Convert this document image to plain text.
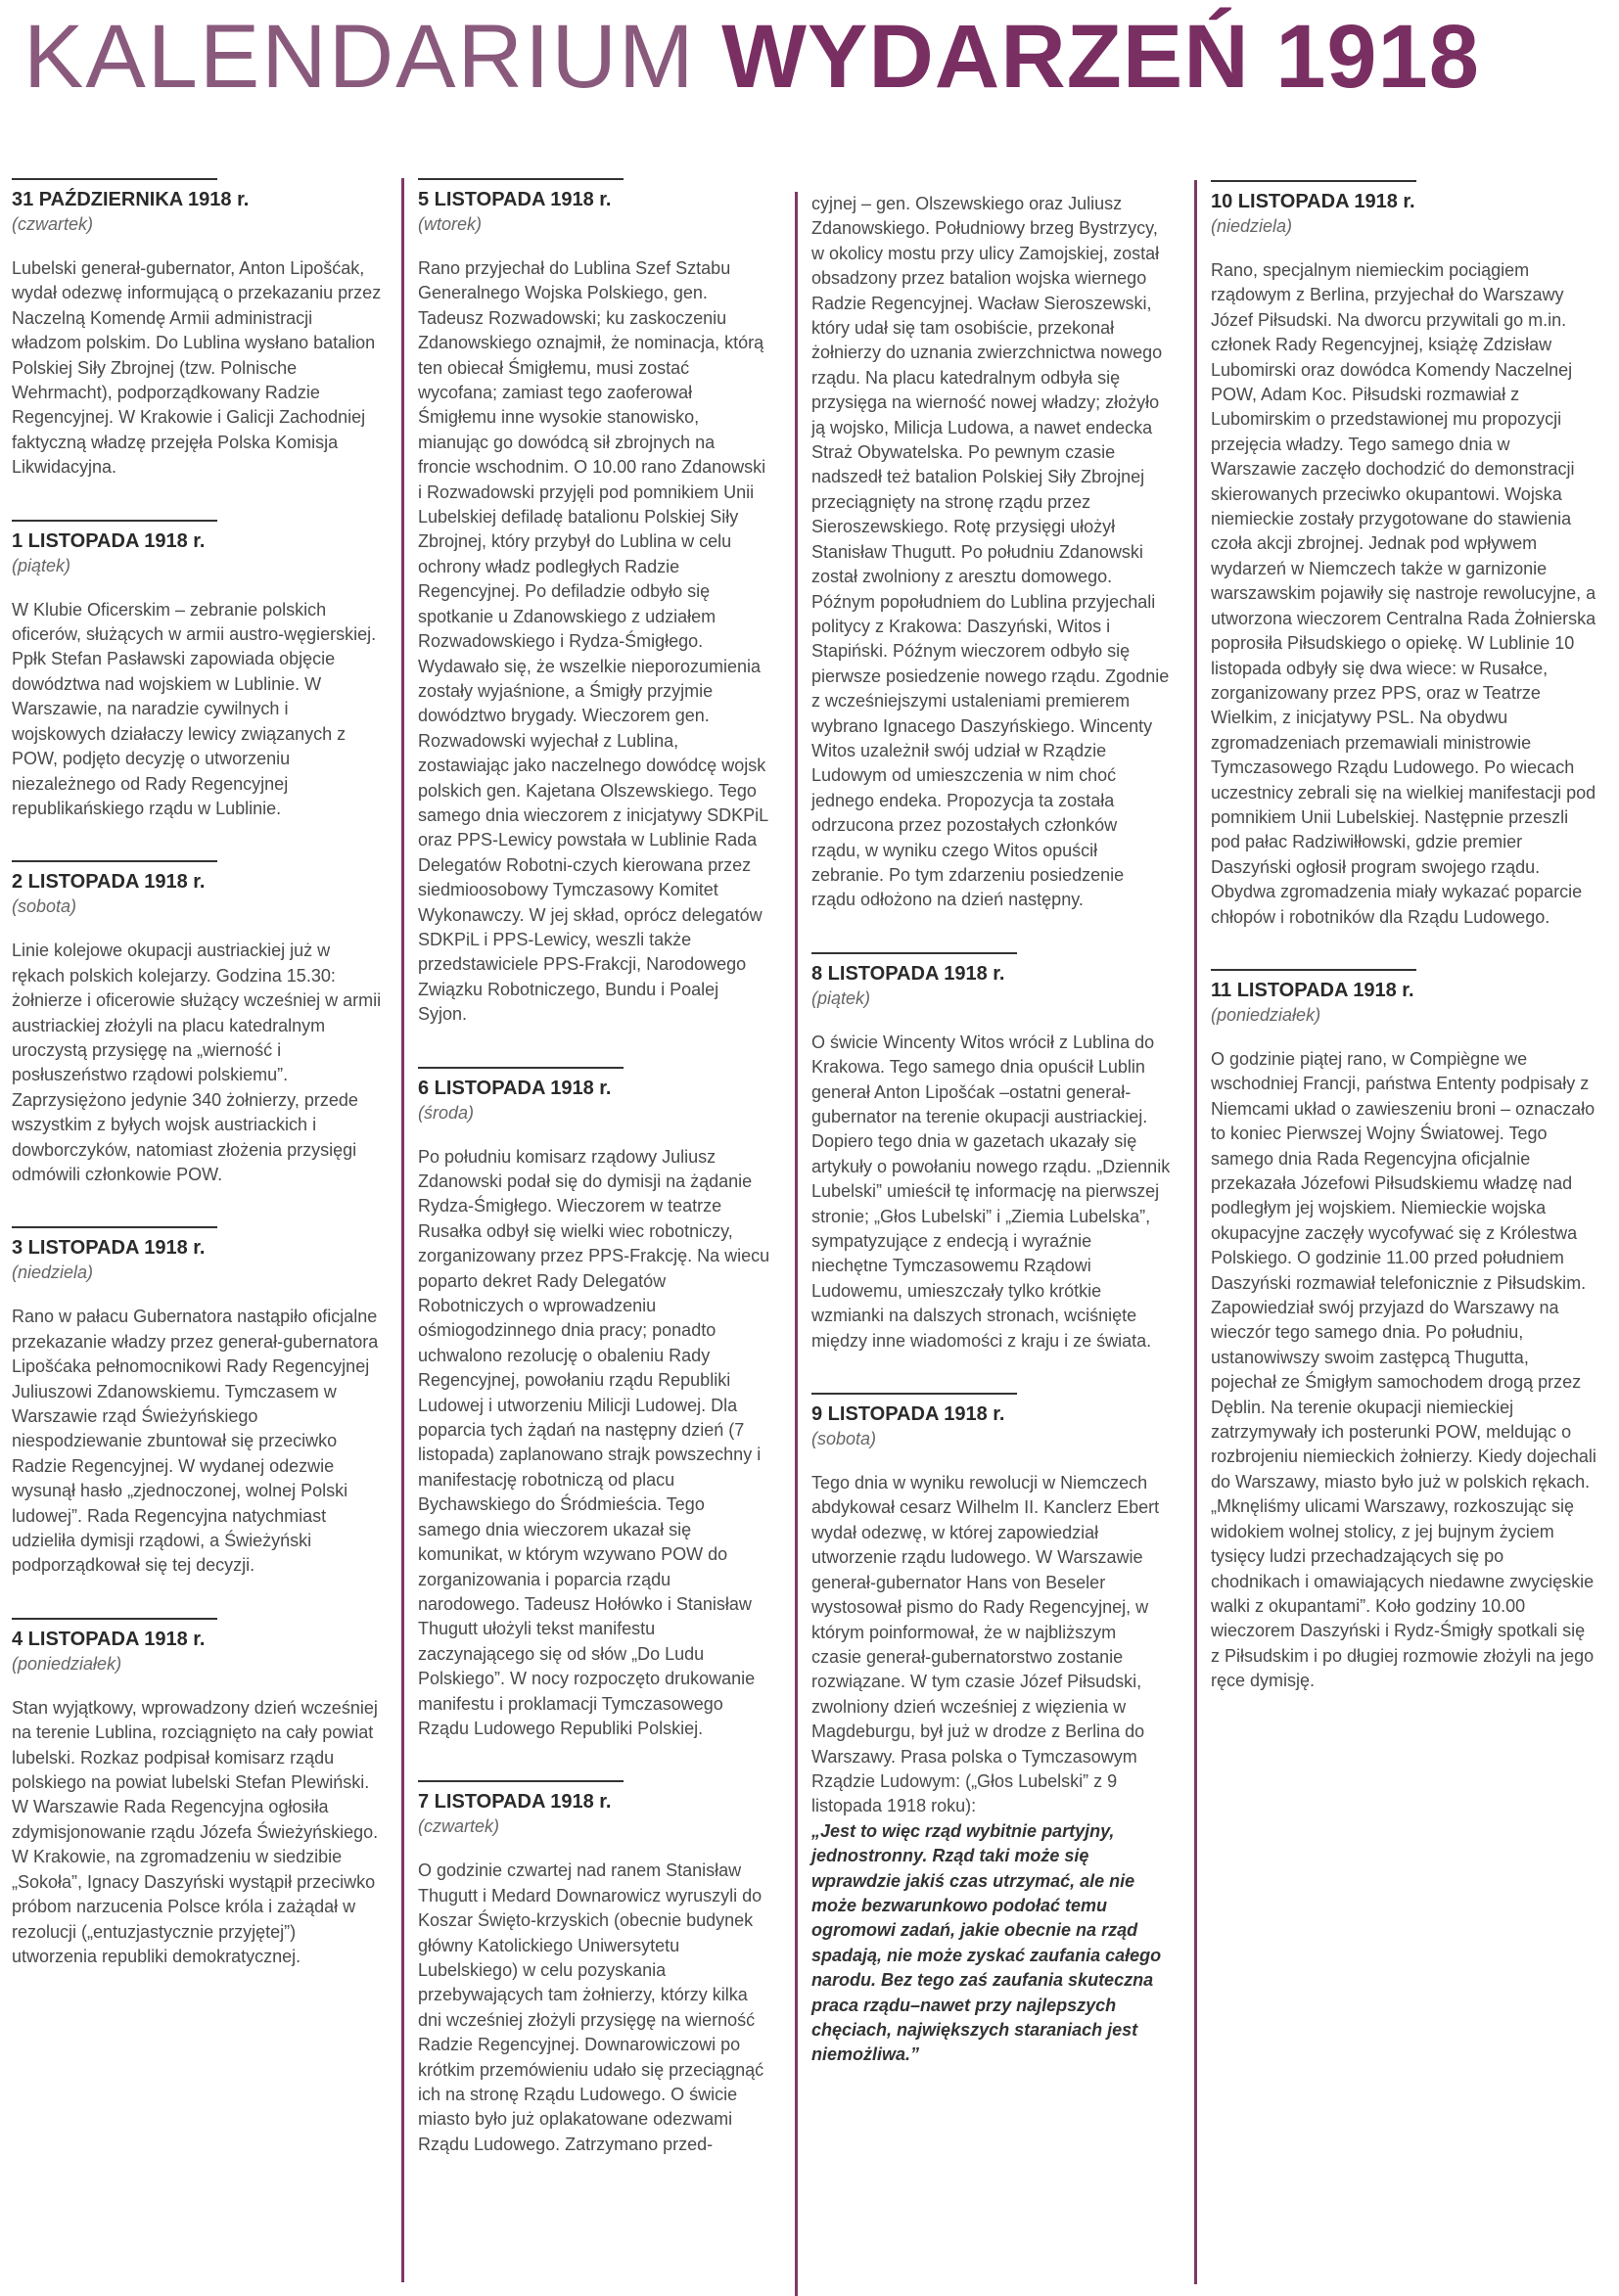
KALENDARIUM WYDARZEŃ 1918

31 PAŹDZIERNIKA 1918 r.

(czwartek)

Lubelski generał-gubernator, Anton Lipošćak, wydał odezwę informującą o przekazaniu przez Naczelną Komendę Armii administracji władzom polskim. Do Lublina wysłano batalion Polskiej Siły Zbrojnej (tzw. Polnische Wehrmacht), podporządkowany Radzie Regencyjnej. W Krakowie i Galicji Zachodniej faktyczną władzę przejęła Polska Komisja Likwidacyjna.

1 LISTOPADA 1918 r.

(piątek)

W Klubie Oficerskim – zebranie polskich oficerów, służących w armii austro-węgierskiej. Ppłk Stefan Pasławski zapowiada objęcie dowództwa nad wojskiem w Lublinie. W Warszawie, na naradzie cywilnych i wojskowych działaczy lewicy związanych z POW, podjęto decyzję o utworzeniu niezależnego od Rady Regencyjnej republikańskiego rządu w Lublinie.

2 LISTOPADA 1918 r.

(sobota)

Linie kolejowe okupacji austriackiej już w rękach polskich kolejarzy. Godzina 15.30: żołnierze i oficerowie służący wcześniej w armii austriackiej złożyli na placu katedralnym uroczystą przysięgę na „wierność i posłuszeństwo rządowi polskiemu”. Zaprzysiężono jedynie 340 żołnierzy, przede wszystkim z byłych wojsk austriackich i dowborczyków, natomiast złożenia przysięgi odmówili członkowie POW.

3 LISTOPADA 1918 r.

(niedziela)

Rano w pałacu Gubernatora nastąpiło oficjalne przekazanie władzy przez generał-gubernatora Lipošćaka pełnomocnikowi Rady Regencyjnej Juliuszowi Zdanowskiemu. Tymczasem w Warszawie rząd Świeżyńskiego niespodziewanie zbuntował się przeciwko Radzie Regencyjnej. W wydanej odezwie wysunął hasło „zjednoczonej, wolnej Polski ludowej”. Rada Regencyjna natychmiast udzieliła dymisji rządowi, a Świeżyński podporządkował się tej decyzji.

4 LISTOPADA 1918 r.

(poniedziałek)

Stan wyjątkowy, wprowadzony dzień wcześniej na terenie Lublina, rozciągnięto na cały powiat lubelski. Rozkaz podpisał komisarz rządu polskiego na powiat lubelski Stefan Plewiński. W Warszawie Rada Regencyjna ogłosiła zdymisjonowanie rządu Józefa Świeżyńskiego. W Krakowie, na zgromadzeniu w siedzibie „Sokoła”, Ignacy Daszyński wystąpił przeciwko próbom narzucenia Polsce króla i zażądał w rezolucji („entuzjastycznie przyjętej”) utworzenia republiki demokratycznej.

5 LISTOPADA 1918 r.

(wtorek)

Rano przyjechał do Lublina Szef Sztabu Generalnego Wojska Polskiego, gen. Tadeusz Rozwadowski; ku zaskoczeniu Zdanowskiego oznajmił, że nominacja, którą ten obiecał Śmigłemu, musi zostać wycofana; zamiast tego zaoferował Śmigłemu inne wysokie stanowisko, mianując go dowódcą sił zbrojnych na froncie wschodnim. O 10.00 rano Zdanowski i Rozwadowski przyjęli pod pomnikiem Unii Lubelskiej defiladę batalionu Polskiej Siły Zbrojnej, który przybył do Lublina w celu ochrony władz podległych Radzie Regencyjnej. Po defiladzie odbyło się spotkanie u Zdanowskiego z udziałem Rozwadowskiego i Rydza-Śmigłego. Wydawało się, że wszelkie nieporozumienia zostały wyjaśnione, a Śmigły przyjmie dowództwo brygady. Wieczorem gen. Rozwadowski wyjechał z Lublina, zostawiając jako naczelnego dowódcę wojsk polskich gen. Kajetana Olszewskiego. Tego samego dnia wieczorem z inicjatywy SDKPiL oraz PPS-Lewicy powstała w Lublinie Rada Delegatów Robotni-czych kierowana przez siedmioosobowy Tymczasowy Komitet Wykonawczy. W jej skład, oprócz delegatów SDKPiL i PPS-Lewicy, weszli także przedstawiciele PPS-Frakcji, Narodowego Związku Robotniczego, Bundu i Poalej Syjon.

6 LISTOPADA 1918 r.

(środa)

Po południu komisarz rządowy Juliusz Zdanowski podał się do dymisji na żądanie Rydza-Śmigłego. Wieczorem w teatrze Rusałka odbył się wielki wiec robotniczy, zorganizowany przez PPS-Frakcję. Na wiecu poparto dekret Rady Delegatów Robotniczych o wprowadzeniu ośmiogodzinnego dnia pracy; ponadto uchwalono rezolucję o obaleniu Rady Regencyjnej, powołaniu rządu Republiki Ludowej i utworzeniu Milicji Ludowej. Dla poparcia tych żądań na następny dzień (7 listopada) zaplanowano strajk powszechny i manifestację robotniczą od placu Bychawskiego do Śródmieścia. Tego samego dnia wieczorem ukazał się komunikat, w którym wzywano POW do zorganizowania i poparcia rządu narodowego. Tadeusz Hołówko i Stanisław Thugutt ułożyli tekst manifestu zaczynającego się od słów „Do Ludu Polskiego”. W nocy rozpoczęto drukowanie manifestu i proklamacji Tymczasowego Rządu Ludowego Republiki Polskiej.

7 LISTOPADA 1918 r.

(czwartek)

O godzinie czwartej nad ranem Stanisław Thugutt i Medard Downarowicz wyruszyli do Koszar Święto-krzyskich (obecnie budynek główny Katolickiego Uniwersytetu Lubelskiego) w celu pozyskania przebywających tam żołnierzy, którzy kilka dni wcześniej złożyli przysięgę na wierność Radzie Regencyjnej. Downarowiczowi po krótkim przemówieniu udało się przeciągnąć ich na stronę Rządu Ludowego. O świcie miasto było już oplakatowane odezwami Rządu Ludowego. Zatrzymano przed-

cyjnej – gen. Olszewskiego oraz Juliusz Zdanowskiego. Południowy brzeg Bystrzycy, w okolicy mostu przy ulicy Zamojskiej, został obsadzony przez batalion wojska wiernego Radzie Regencyjnej. Wacław Sieroszewski, który udał się tam osobiście, przekonał żołnierzy do uznania zwierzchnictwa nowego rządu. Na placu katedralnym odbyła się przysięga na wierność nowej władzy; złożyło ją wojsko, Milicja Ludowa, a nawet endecka Straż Obywatelska. Po pewnym czasie nadszedł też batalion Polskiej Siły Zbrojnej przeciągnięty na stronę rządu przez Sieroszewskiego. Rotę przysięgi ułożył Stanisław Thugutt. Po południu Zdanowski został zwolniony z aresztu domowego. Późnym popołudniem do Lublina przyjechali politycy z Krakowa: Daszyński, Witos i Stapiński. Późnym wieczorem odbyło się pierwsze posiedzenie nowego rządu. Zgodnie z wcześniejszymi ustaleniami premierem wybrano Ignacego Daszyńskiego. Wincenty Witos uzależnił swój udział w Rządzie Ludowym od umieszczenia w nim choć jednego endeka. Propozycja ta została odrzucona przez pozostałych członków rządu, w wyniku czego Witos opuścił zebranie. Po tym zdarzeniu posiedzenie rządu odłożono na dzień następny.

8 LISTOPADA 1918 r.

(piątek)

O świcie Wincenty Witos wrócił z Lublina do Krakowa. Tego samego dnia opuścił Lublin generał Anton Lipošćak –ostatni generał-gubernator na terenie okupacji austriackiej. Dopiero tego dnia w gazetach ukazały się artykuły o powołaniu nowego rządu. „Dziennik Lubelski” umieścił tę informację na pierwszej stronie; „Głos Lubelski” i „Ziemia Lubelska”, sympatyzujące z endecją i wyraźnie niechętne Tymczasowemu Rządowi Ludowemu, umieszczały tylko krótkie wzmianki na dalszych stronach, wciśnięte między inne wiadomości z kraju i ze świata.

9 LISTOPADA 1918 r.

(sobota)

Tego dnia w wyniku rewolucji w Niemczech abdykował cesarz Wilhelm II. Kanclerz Ebert wydał odezwę, w której zapowiedział utworzenie rządu ludowego. W Warszawie generał-gubernator Hans von Beseler wystosował pismo do Rady Regencyjnej, w którym poinformował, że w najbliższym czasie generał-gubernatorstwo zostanie rozwiązane. W tym czasie Józef Piłsudski, zwolniony dzień wcześniej z więzienia w Magdeburgu, był już w drodze z Berlina do Warszawy. Prasa polska o Tymczasowym Rządzie Ludowym: („Głos Lubelski” z 9 listopada 1918 roku):

„Jest to więc rząd wybitnie partyjny, jednostronny. Rząd taki może się wprawdzie jakiś czas utrzymać, ale nie może bezwarunkowo podołać temu ogromowi zadań, jakie obecnie na rząd spadają, nie może zyskać zaufania całego narodu. Bez tego zaś zaufania skuteczna praca rządu–nawet przy najlepszych chęciach, największych staraniach jest niemożliwa.”

10 LISTOPADA 1918 r.

(niedziela)

Rano, specjalnym niemieckim pociągiem rządowym z Berlina, przyjechał do Warszawy Józef Piłsudski. Na dworcu przywitali go m.in. członek Rady Regencyjnej, książę Zdzisław Lubomirski oraz dowódca Komendy Naczelnej POW, Adam Koc. Piłsudski rozmawiał z Lubomirskim o przedstawionej mu propozycji przejęcia władzy. Tego samego dnia w Warszawie zaczęło dochodzić do demonstracji skierowanych przeciwko okupantowi. Wojska niemieckie zostały przygotowane do stawienia czoła akcji zbrojnej. Jednak pod wpływem wydarzeń w Niemczech także w garnizonie warszawskim pojawiły się nastroje rewolucyjne, a utworzona wieczorem Centralna Rada Żołnierska poprosiła Piłsudskiego o opiekę. W Lublinie 10 listopada odbyły się dwa wiece: w Rusałce, zorganizowany przez PPS, oraz w Teatrze Wielkim, z inicjatywy PSL. Na obydwu zgromadzeniach przemawiali ministrowie Tymczasowego Rządu Ludowego. Po wiecach uczestnicy zebrali się na wielkiej manifestacji pod pomnikiem Unii Lubelskiej. Następnie przeszli pod pałac Radziwiłłowski, gdzie premier Daszyński ogłosił program swojego rządu. Obydwa zgromadzenia miały wykazać poparcie chłopów i robotników dla Rządu Ludowego.

11 LISTOPADA 1918 r.

(poniedziałek)

O godzinie piątej rano, w Compiègne we wschodniej Francji, państwa Ententy podpisały z Niemcami układ o zawieszeniu broni – oznaczało to koniec Pierwszej Wojny Światowej. Tego samego dnia Rada Regencyjna oficjalnie przekazała Józefowi Piłsudskiemu władzę nad podległym jej wojskiem. Niemieckie wojska okupacyjne zaczęły wycofywać się z Królestwa Polskiego. O godzinie 11.00 przed południem Daszyński rozmawiał telefonicznie z Piłsudskim. Zapowiedział swój przyjazd do Warszawy na wieczór tego samego dnia. Po południu, ustanowiwszy swoim zastępcą Thugutta, pojechał ze Śmigłym samochodem drogą przez Dęblin. Na terenie okupacji niemieckiej zatrzymywały ich posterunki POW, meldując o rozbrojeniu niemieckich żołnierzy. Kiedy dojechali do Warszawy, miasto było już w polskich rękach. „Mknęliśmy ulicami Warszawy, rozkoszując się widokiem wolnej stolicy, z jej bujnym życiem tysięcy ludzi przechadzających się po chodnikach i omawiających niedawne zwycięskie walki z okupantami”. Koło godziny 10.00 wieczorem Daszyński i Rydz-Śmigły spotkali się z Piłsudskim i po długiej rozmowie złożyli na jego ręce dymisję.
